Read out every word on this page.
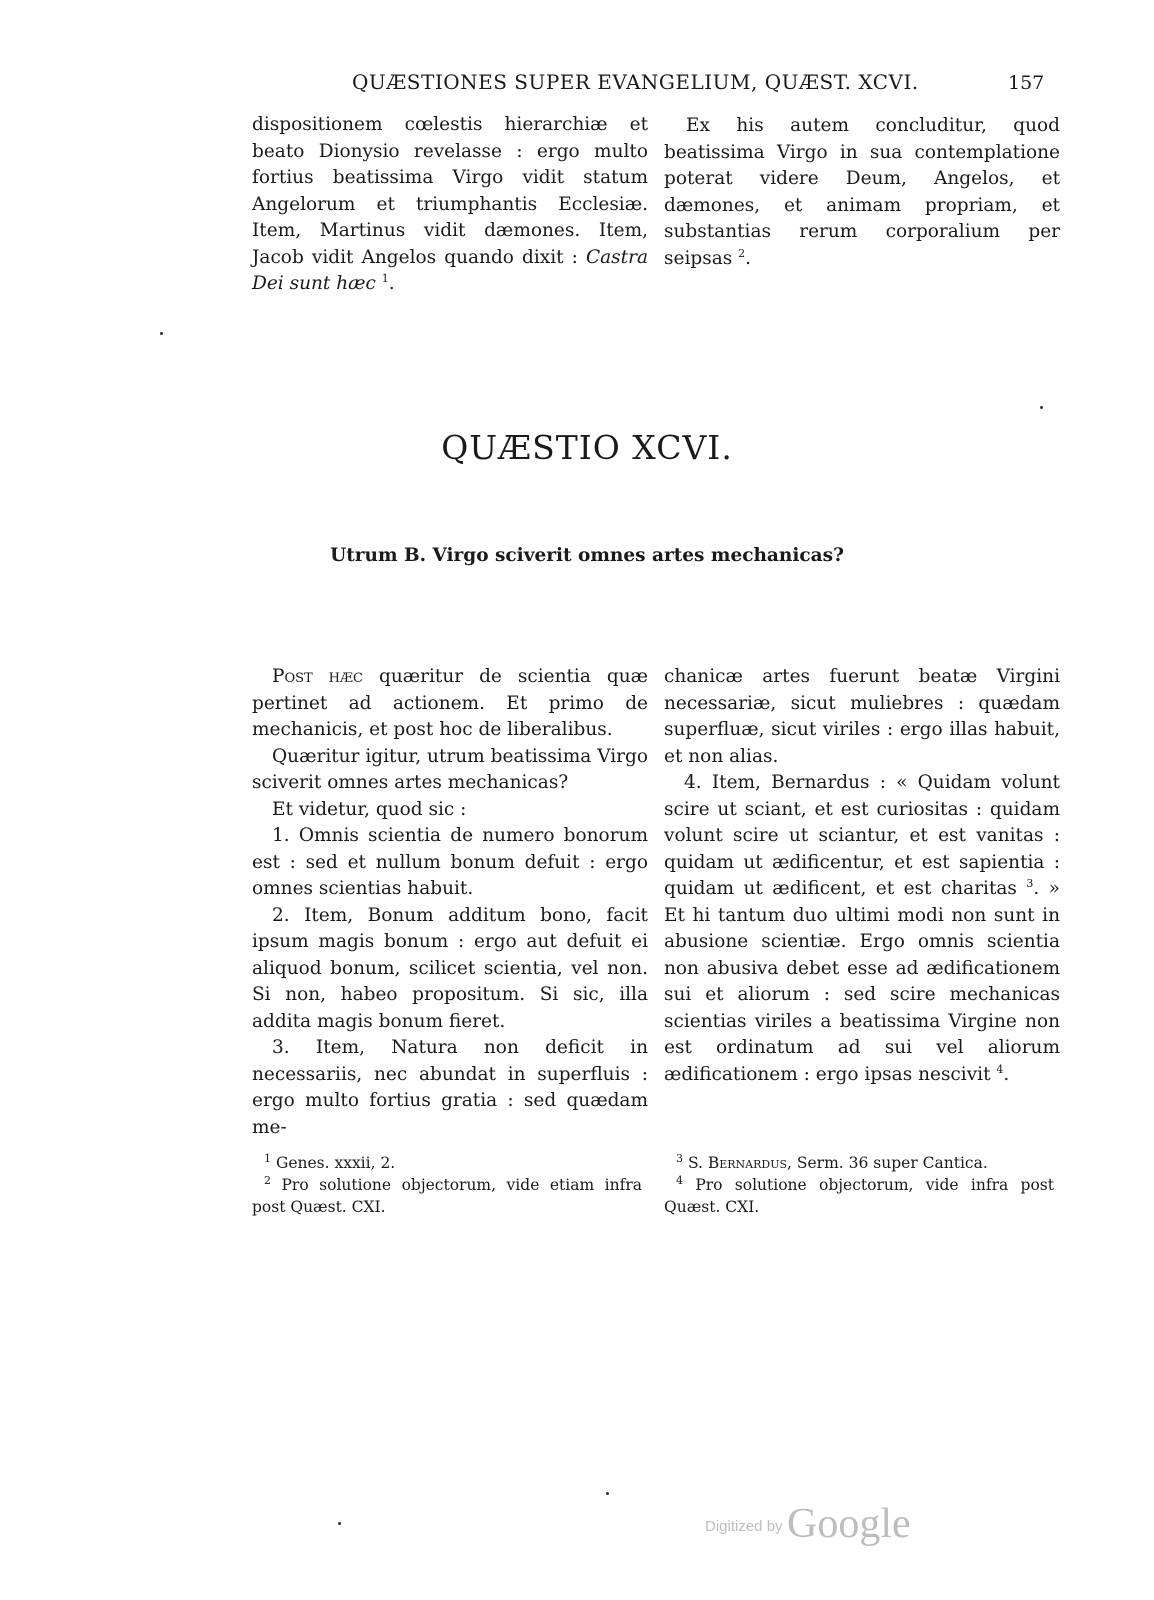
QUÆSTIONES SUPER EVANGELIUM, QUÆST. XCVI.	157

dispositionem cœlestis hierarchiæ et beato Dionysio revelasse : ergo multo fortius beatissima Virgo vidit statum Angelorum et triumphantis Ecclesiæ. Item, Martinus vidit dæmones. Item, Jacob vidit Angelos quando dixit : Castra Dei sunt hæc $^1$.

Ex his autem concluditur, quod beatissima Virgo in sua contemplatione poterat videre Deum, Angelos, et dæmones, et animam propriam, et substantias rerum corporalium per seipsas $^2$.
QUÆSTIO XCVI.
Utrum B. Virgo sciverit omnes artes mechanicas?

Post hæc quæritur de scientia quæ pertinet ad actionem. Et primo de mechanicis, et post hoc de liberalibus.

Quæritur igitur, utrum beatissima Virgo sciverit omnes artes mechanicas?

Et videtur, quod sic :

1. Omnis scientia de numero bonorum est : sed et nullum bonum defuit : ergo omnes scientias habuit.

2. Item, Bonum additum bono, facit ipsum magis bonum : ergo aut defuit ei aliquod bonum, scilicet scientia, vel non. Si non, habeo propositum. Si sic, illa addita magis bonum fieret.

3. Item, Natura non deficit in necessariis, nec abundat in superfluis : ergo multo fortius gratia : sed quædam me-

chanicæ artes fuerunt beatæ Virgini necessariæ, sicut muliebres : quædam superfluæ, sicut viriles : ergo illas habuit, et non alias.

4. Item, Bernardus : « Quidam volunt scire ut sciant, et est curiositas : quidam volunt scire ut sciantur, et est vanitas : quidam ut ædificentur, et est sapientia : quidam ut ædificent, et est charitas $^3$. » Et hi tantum duo ultimi modi non sunt in abusione scientiæ. Ergo omnis scientia non abusiva debet esse ad ædificationem sui et aliorum : sed scire mechanicas scientias viriles a beatissima Virgine non est ordinatum ad sui vel aliorum ædificationem : ergo ipsas nescivit $^4$.

$^1$ Genes. xxxii, 2.

$^2$ Pro solutione objectorum, vide etiam infra post Quæst. CXI.

$^3$ S. Bernardus, Serm. 36 super Cantica.

$^4$ Pro solutione objectorum, vide infra post Quæst. CXI.

Digitized by Google
